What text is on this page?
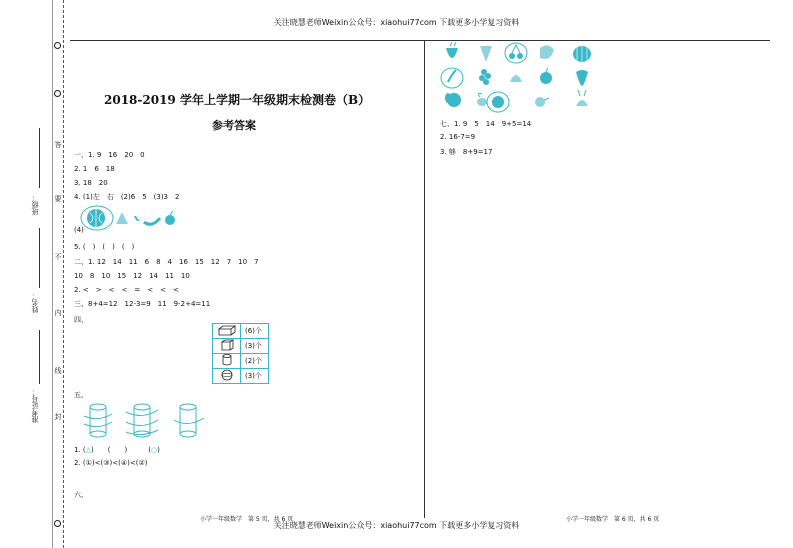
关注晓慧老师Weixin公众号：xiaohui77com 下载更多小学复习资料
关注晓慧老师Weixin公众号：xiaohui77com 下载更多小学复习资料
答
要
不
内
线
封
班级：
姓名：
准考证号：
2018-2019 学年上学期一年级期末检测卷（B）
参考答案
一、1. 9　16　20　0
2. 1　6　18
3. 18　20
4. (1)左　右　(2)6　5　(3)3　2
(4)
5. (　)　(　)　(　)
二、1. 12　14　11　6　8　4　16　15　12　7　10　7
10　8　10　15　12　14　11　10
2. <　>　<　<　=　<　<　<
三、8+4=12　12-3=9　11　9-2+4=11
四、
	(6)个
	(3)个
	(2)个
	(3)个
五、
1. (△)　　(　　)　　　(○)
2. (①)<(③)<(④)<(②)
六、
七、1. 9　5　14　9+5=14
2. 16-7=9
3. 够　8+9=17
小学一年级数学　第 5 页，共 6 页	小学一年级数学　第 6 页，共 6 页
